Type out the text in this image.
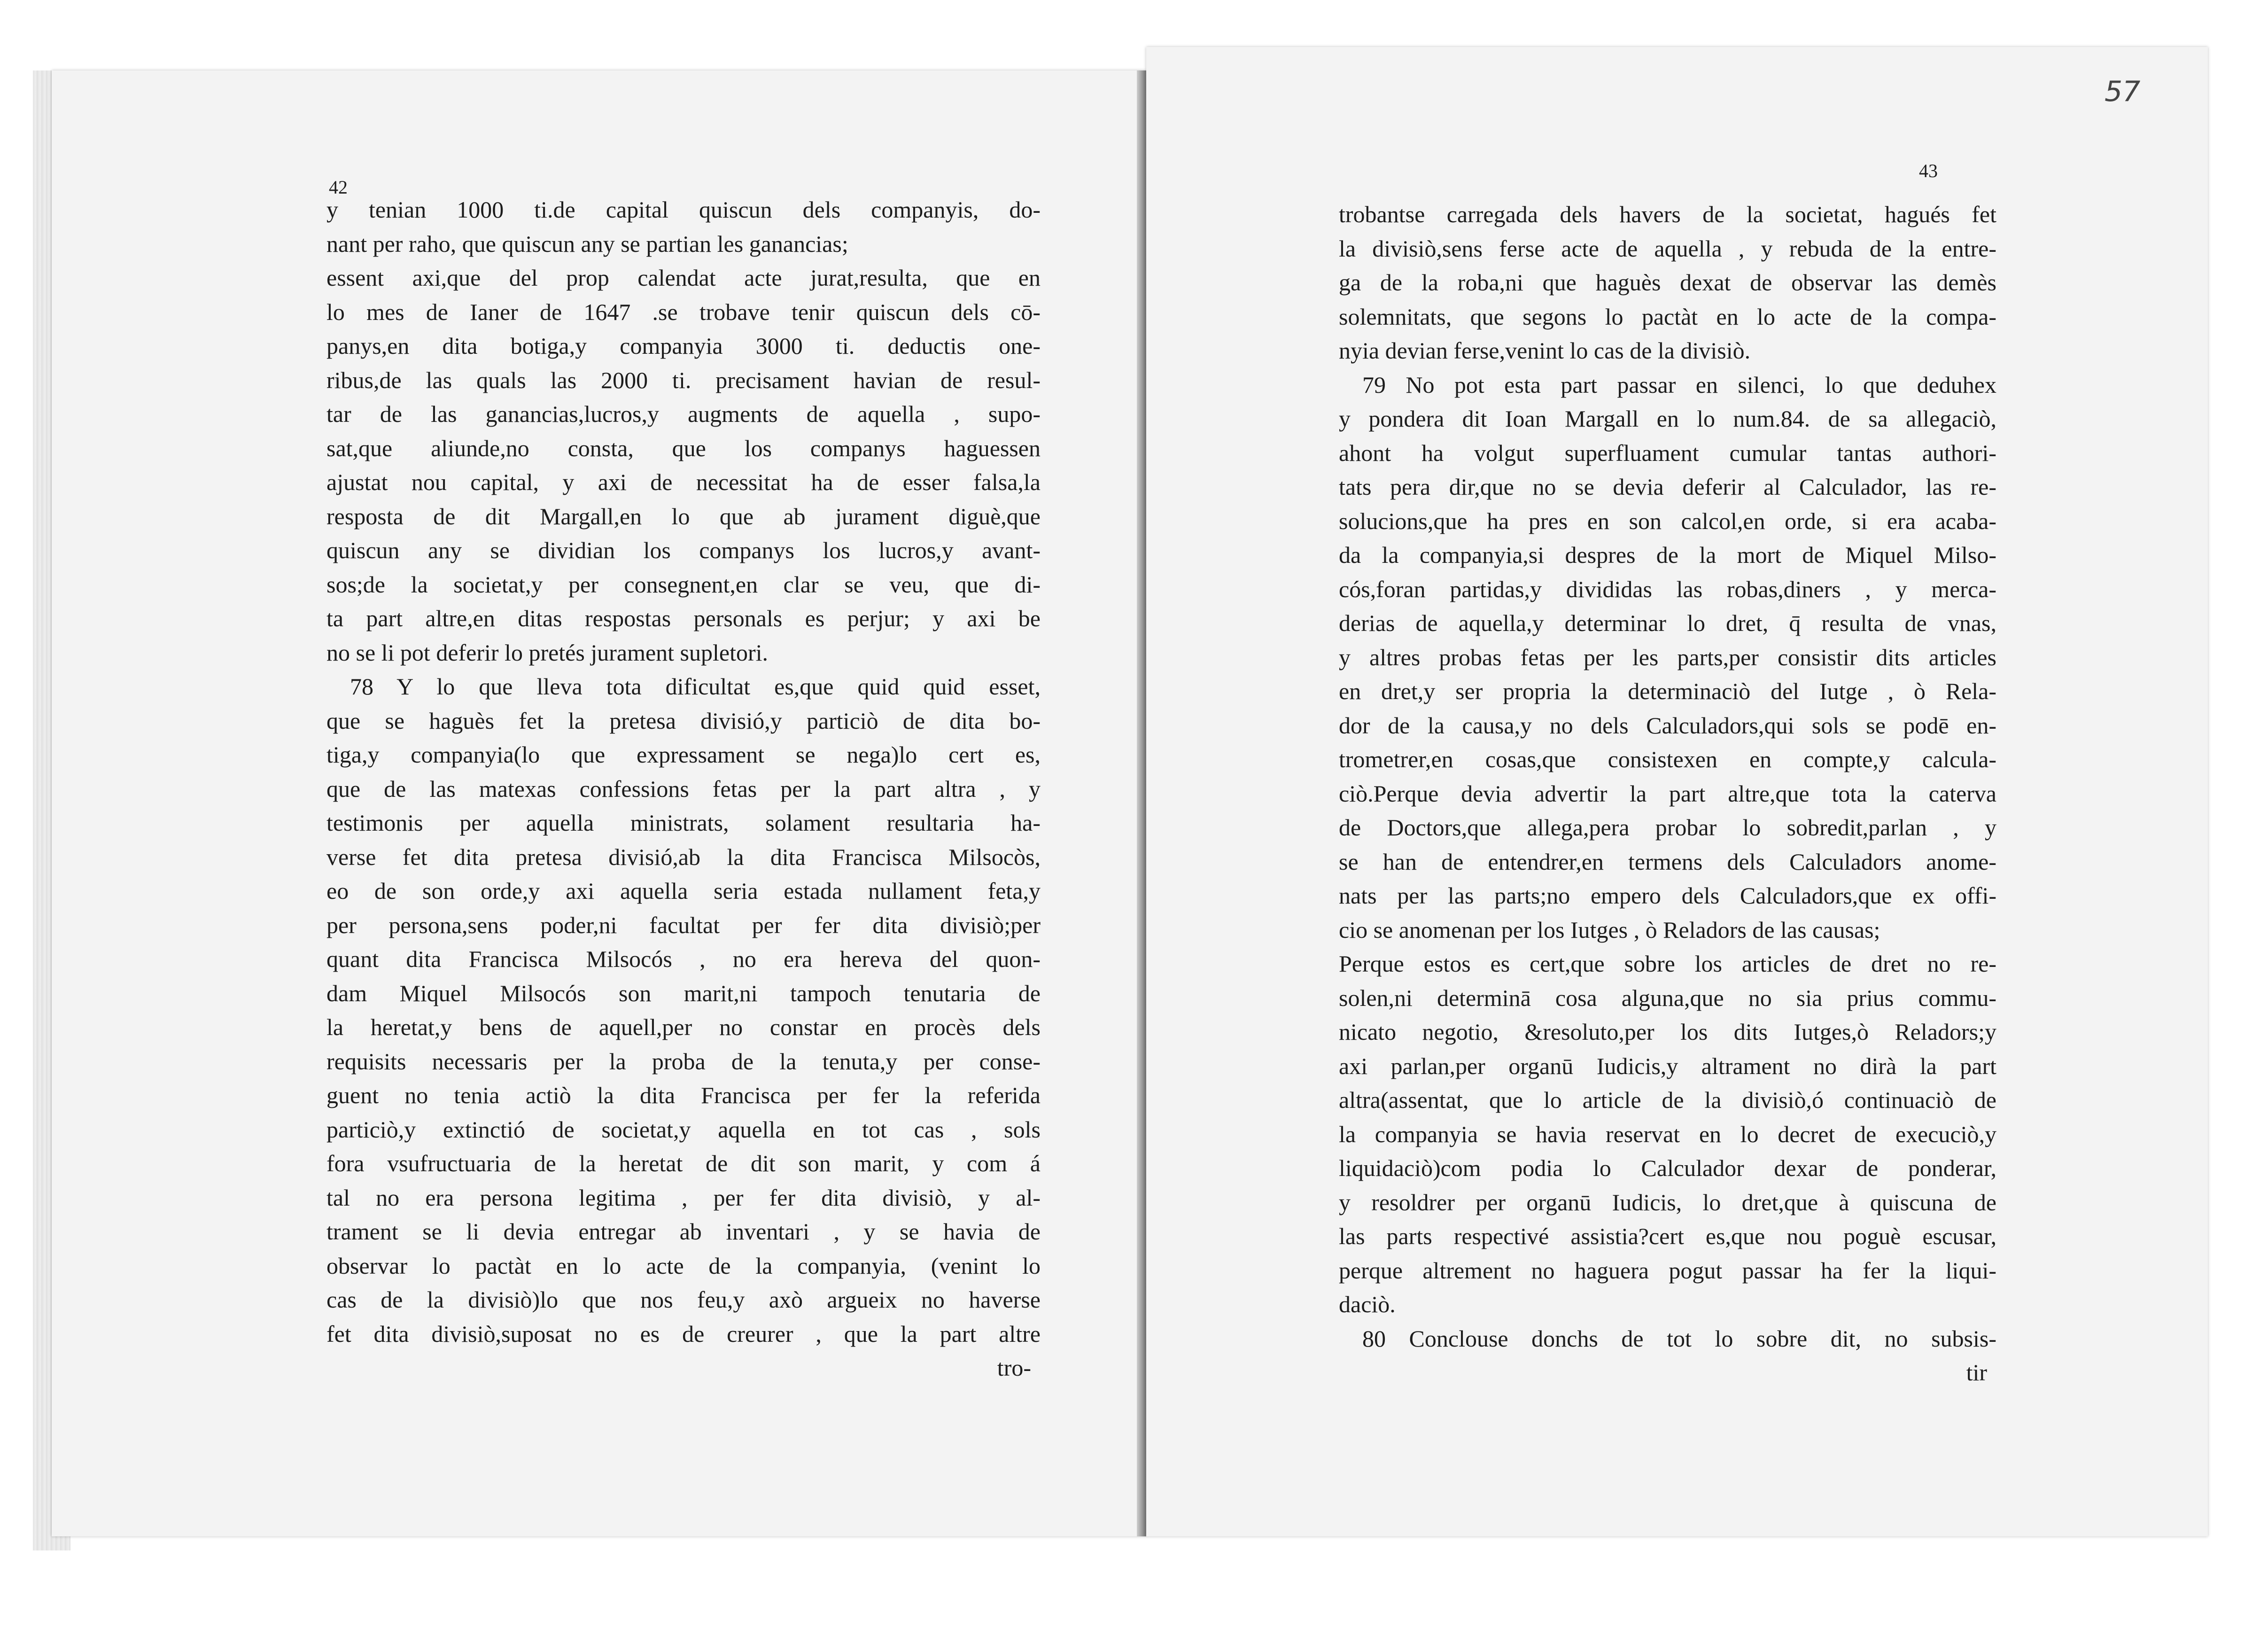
42

y tenian 1000 ti.de capital quiscun dels companyis, do-
nant per raho, que quiscun any se partian les ganancias;
essent axi,que del prop calendat acte jurat,resulta, que en
lo mes de Ianer de 1647 .se trobave tenir quiscun dels cō-
panys,en dita botiga,y companyia 3000 ti. deductis one-
ribus,de las quals las 2000 ti. precisament havian de resul-
tar de las ganancias,lucros,y augments de aquella , supo-
sat,que aliunde,no consta, que los companys haguessen
ajustat nou capital, y axi de necessitat ha de esser falsa,la
resposta de dit Margall,en lo que ab jurament diguè,que
quiscun any se dividian los companys los lucros,y avant-
sos;de la societat,y per consegnent,en clar se veu, que di-
ta part altre,en ditas respostas personals es perjur; y axi be
no se li pot deferir lo pretés jurament supletori.
78 Y lo que lleva tota dificultat es,que quid quid esset,
que se haguès fet la pretesa divisió,y particiò de dita bo-
tiga,y companyia(lo que expressament se nega)lo cert es,
que de las matexas confessions fetas per la part altra , y
testimonis per aquella ministrats, solament resultaria ha-
verse fet dita pretesa divisió,ab la dita Francisca Milsocòs,
eo de son orde,y axi aquella seria estada nullament feta,y
per persona,sens poder,ni facultat per fer dita divisiò;per
quant dita Francisca Milsocós , no era hereva del quon-
dam Miquel Milsocós son marit,ni tampoch tenutaria de
la heretat,y bens de aquell,per no constar en procès dels
requisits necessaris per la proba de la tenuta,y per conse-
guent no tenia actiò la dita Francisca per fer la referida
particiò,y extinctió de societat,y aquella en tot cas , sols
fora vsufructuaria de la heretat de dit son marit, y com á
tal no era persona legitima , per fer dita divisiò, y al-
trament se li devia entregar ab inventari , y se havia de
observar lo pactàt en lo acte de la companyia, (venint lo
cas de la divisiò)lo que nos feu,y axò argueix no haverse
fet dita divisiò,suposat no es de creurer , que la part altre
tro-
57
43

trobantse carregada dels havers de la societat, hagués fet
la divisiò,sens ferse acte de aquella , y rebuda de la entre-
ga de la roba,ni que haguès dexat de observar las demès
solemnitats, que segons lo pactàt en lo acte de la compa-
nyia devian ferse,venint lo cas de la divisiò.
79 No pot esta part passar en silenci, lo que deduhex
y pondera dit Ioan Margall en lo num.84. de sa allegaciò,
ahont ha volgut superfluament cumular tantas authori-
tats pera dir,que no se devia deferir al Calculador, las re-
solucions,que ha pres en son calcol,en orde, si era acaba-
da la companyia,si despres de la mort de Miquel Milso-
cós,foran partidas,y divididas las robas,diners , y merca-
derias de aquella,y determinar lo dret, q̄ resulta de vnas,
y altres probas fetas per les parts,per consistir dits articles
en dret,y ser propria la determinaciò del Iutge , ò Rela-
dor de la causa,y no dels Calculadors,qui sols se podē en-
trometrer,en cosas,que consistexen en compte,y calcula-
ciò.Perque devia advertir la part altre,que tota la caterva
de Doctors,que allega,pera probar lo sobredit,parlan , y
se han de entendrer,en termens dels Calculadors anome-
nats per las parts;no empero dels Calculadors,que ex offi-
cio se anomenan per los Iutges , ò Reladors de las causas;
Perque estos es cert,que sobre los articles de dret no re-
solen,ni determinā cosa alguna,que no sia prius commu-
nicato negotio, &resoluto,per los dits Iutges,ò Reladors;y
axi parlan,per organū Iudicis,y altrament no dirà la part
altra(assentat, que lo article de la divisiò,ó continuaciò de
la companyia se havia reservat en lo decret de execuciò,y
liquidaciò)com podia lo Calculador dexar de ponderar,
y resoldrer per organū Iudicis, lo dret,que à quiscuna de
las parts respectivé assistia?cert es,que nou poguè escusar,
perque altrement no haguera pogut passar ha fer la liqui-
daciò.
80 Conclouse donchs de tot lo sobre dit, no subsis-
tir
